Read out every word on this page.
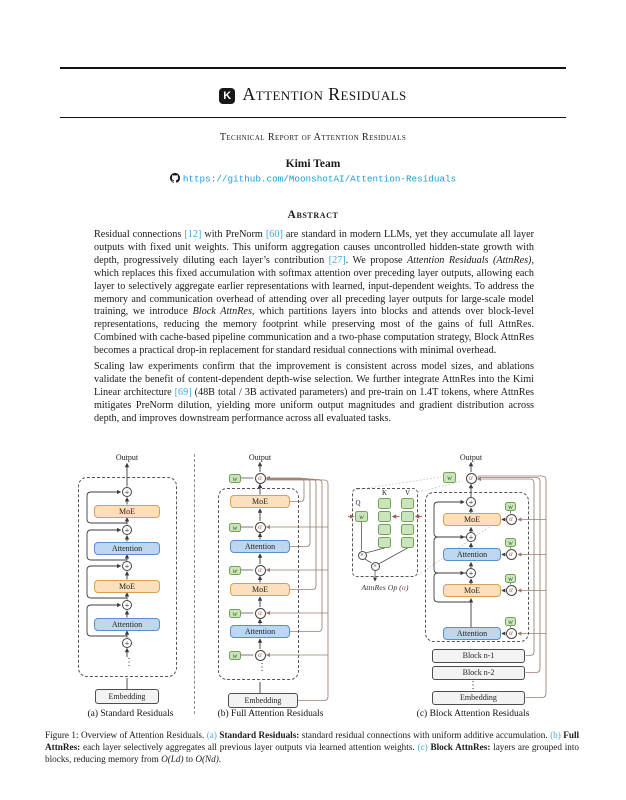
K Attention Residuals
Technical Report of Attention Residuals
Kimi Team
https://github.com/MoonshotAI/Attention-Residuals
Abstract

Residual connections [12] with PreNorm [60] are standard in modern LLMs, yet they accumulate all layer outputs with fixed unit weights. This uniform aggregation causes uncontrolled hidden-state growth with depth, progressively diluting each layer’s contribution [27]. We propose Attention Residuals (AttnRes), which replaces this fixed accumulation with softmax attention over preceding layer outputs, allowing each layer to selectively aggregate earlier representations with learned, input-dependent weights. To address the memory and communication overhead of attending over all preceding layer outputs for large-scale model training, we introduce Block AttnRes, which partitions layers into blocks and attends over block-level representations, reducing the memory footprint while preserving most of the gains of full AttnRes. Combined with cache-based pipeline communication and a two-phase computation strategy, Block AttnRes becomes a practical drop-in replacement for standard residual connections with minimal overhead.

Scaling law experiments confirm that the improvement is consistent across model sizes, and ablations validate the benefit of content-dependent depth-wise selection. We further integrate AttnRes into the Kimi Linear architecture [69] (48B total / 3B activated parameters) and pre-train on 1.4T tokens, where AttnRes mitigates PreNorm dilution, yielding more uniform output magnitudes and gradient distribution across depth, and improves downstream performance across all evaluated tasks.

Output
+
MoE
+
Attention
+
MoE
+
Attention
+
⋮
Embedding
(a) Standard Residuals
Output
w	α
MoE
w	α
Attention
w	α
MoE
w	α
Attention
w	α
⋮
Embedding
(b) Full Attention Residuals
Q
w
K	V
×
×
AttnRes Op (α)
Output
w	α
+
MoE
w
α
+
Attention
w
α
+
MoE
w
α
Attention
w
α
Block n-1
Block n-2
⋮
Embedding
(c) Block Attention Residuals
Figure 1: Overview of Attention Residuals. (a) Standard Residuals: standard residual connections with uniform additive accumulation. (b) Full AttnRes: each layer selectively aggregates all previous layer outputs via learned attention weights. (c) Block AttnRes: layers are grouped into blocks, reducing memory from O(Ld) to O(Nd).
